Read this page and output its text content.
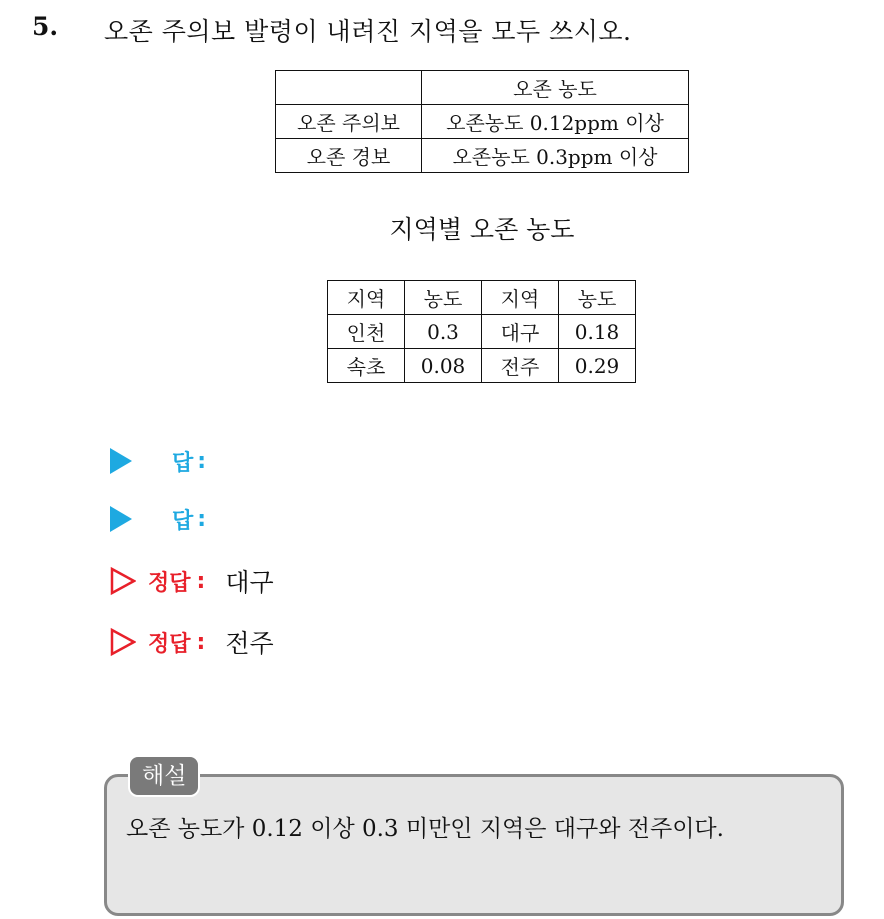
5. 오존 주의보 발령이 내려진 지역을 모두 쓰시오.
	오존 농도
오존 주의보	오존농도 0.12ppm 이상
오존 경보	오존농도 0.3ppm 이상
지역별 오존 농도
지역	농도	지역	농도
인천	0.3	대구	0.18
속초	0.08	전주	0.29
답 :
답 :
정답 : 대구
정답 : 전주
해설
오존 농도가 0.12 이상 0.3 미만인 지역은 대구와 전주이다.
